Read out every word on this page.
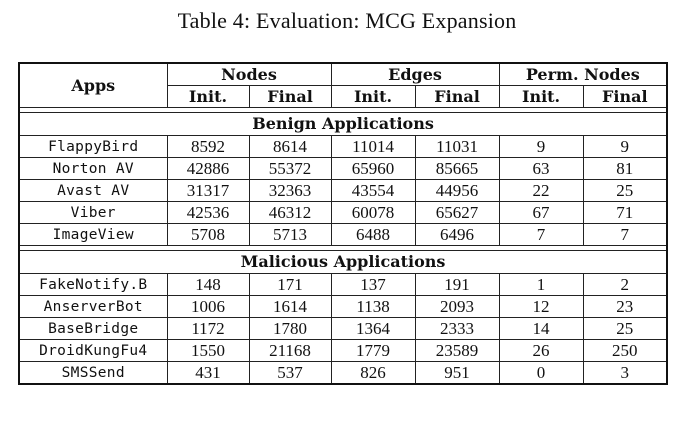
Table 4: Evaluation: MCG Expansion
Apps	Nodes		Edges		Perm. Nodes	
	Init.	Final	Init.	Final	Init.	Final

Benign Applications						
FlappyBird	8592	8614	11014	11031	9	9
Norton AV	42886	55372	65960	85665	63	81
Avast AV	31317	32363	43554	44956	22	25
Viber	42536	46312	60078	65627	67	71
ImageView	5708	5713	6488	6496	7	7

Malicious Applications						
FakeNotify.B	148	171	137	191	1	2
AnserverBot	1006	1614	1138	2093	12	23
BaseBridge	1172	1780	1364	2333	14	25
DroidKungFu4	1550	21168	1779	23589	26	250
SMSSend	431	537	826	951	0	3
